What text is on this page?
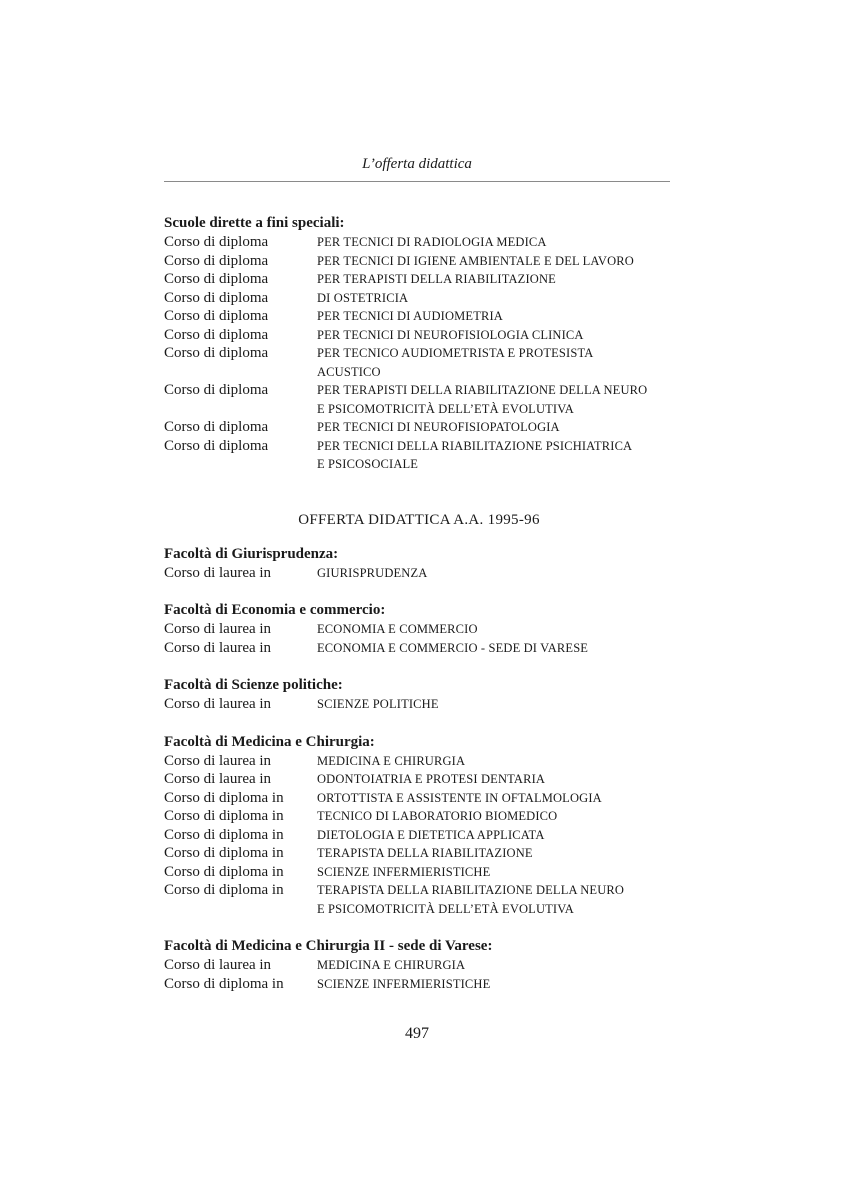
L’offerta didattica

Scuole dirette a fini speciali:

Corso di diploma	PER TECNICI DI RADIOLOGIA MEDICA
Corso di diploma	PER TECNICI DI IGIENE AMBIENTALE E DEL LAVORO
Corso di diploma	PER TERAPISTI DELLA RIABILITAZIONE
Corso di diploma	DI OSTETRICIA
Corso di diploma	PER TECNICI DI AUDIOMETRIA
Corso di diploma	PER TECNICI DI NEUROFISIOLOGIA CLINICA
Corso di diploma	PER TECNICO AUDIOMETRISTA E PROTESISTA
ACUSTICO
Corso di diploma	PER TERAPISTI DELLA RIABILITAZIONE DELLA NEURO
E PSICOMOTRICITÀ DELL’ETÀ EVOLUTIVA
Corso di diploma	PER TECNICI DI NEUROFISIOPATOLOGIA
Corso di diploma	PER TECNICI DELLA RIABILITAZIONE PSICHIATRICA
E PSICOSOCIALE
OFFERTA DIDATTICA A.A. 1995-96

Facoltà di Giurisprudenza:

Corso di laurea in	GIURISPRUDENZA

Facoltà di Economia e commercio:

Corso di laurea in	ECONOMIA E COMMERCIO
Corso di laurea in	ECONOMIA E COMMERCIO - SEDE DI VARESE

Facoltà di Scienze politiche:

Corso di laurea in	SCIENZE POLITICHE

Facoltà di Medicina e Chirurgia:

Corso di laurea in	MEDICINA E CHIRURGIA
Corso di laurea in	ODONTOIATRIA E PROTESI DENTARIA
Corso di diploma in	ORTOTTISTA E ASSISTENTE IN OFTALMOLOGIA
Corso di diploma in	TECNICO DI LABORATORIO BIOMEDICO
Corso di diploma in	DIETOLOGIA E DIETETICA APPLICATA
Corso di diploma in	TERAPISTA DELLA RIABILITAZIONE
Corso di diploma in	SCIENZE INFERMIERISTICHE
Corso di diploma in	TERAPISTA DELLA RIABILITAZIONE DELLA NEURO
E PSICOMOTRICITÀ DELL’ETÀ EVOLUTIVA

Facoltà di Medicina e Chirurgia II - sede di Varese:

Corso di laurea in	MEDICINA E CHIRURGIA
Corso di diploma in	SCIENZE INFERMIERISTICHE
497
